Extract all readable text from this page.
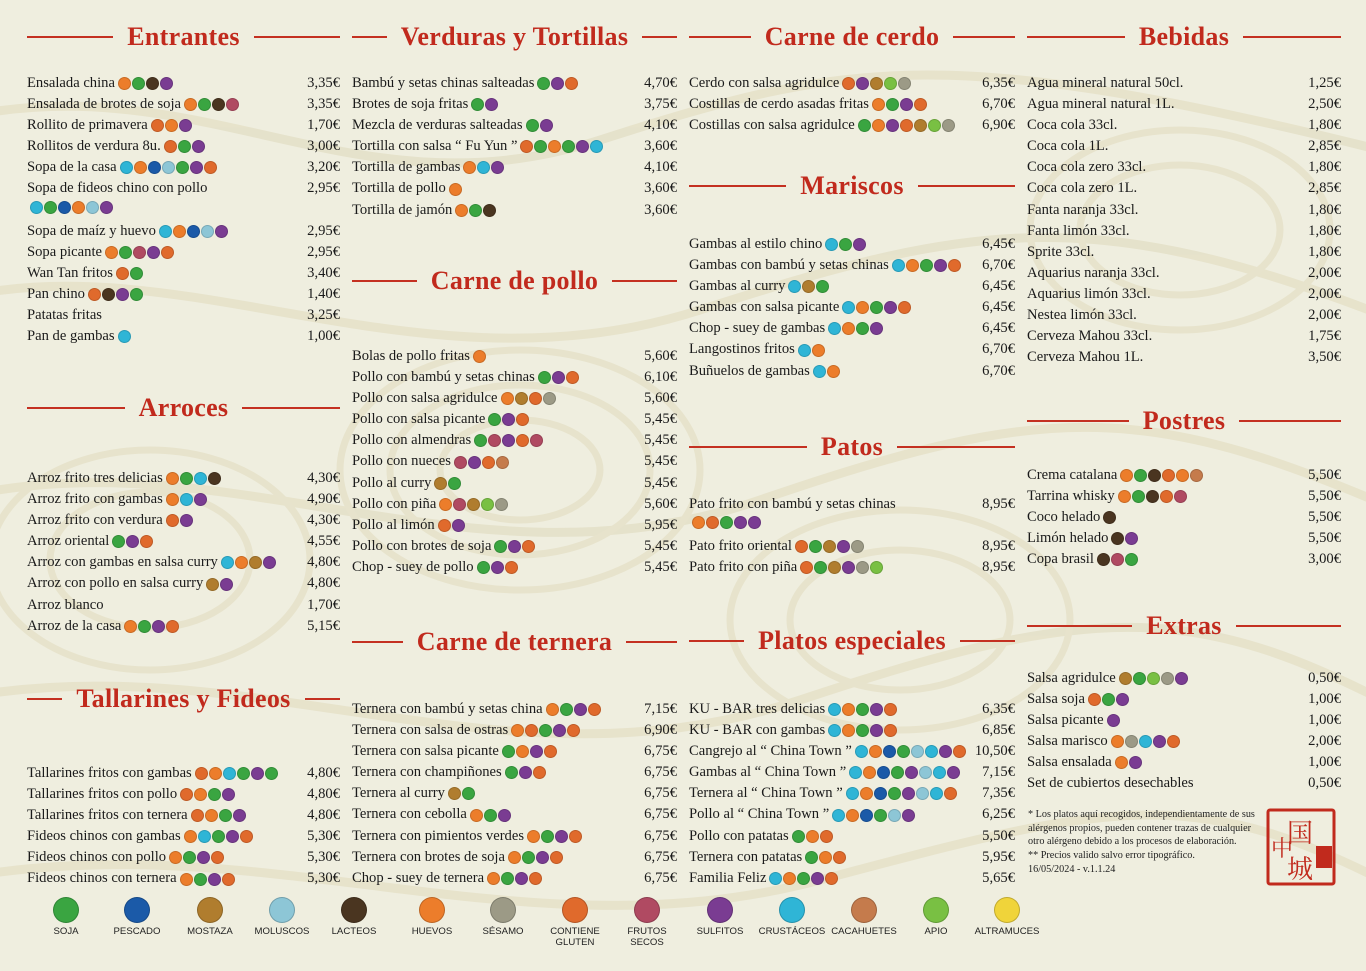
Entrantes
Ensalada china	3,35€
Ensalada de brotes de soja	3,35€
Rollito de primavera	1,70€
Rollitos de verdura 8u.	3,00€
Sopa de la casa	3,20€
Sopa de fideos chino con pollo	2,95€
Sopa de maíz y huevo	2,95€
Sopa picante	2,95€
Wan Tan fritos	3,40€
Pan chino	1,40€
Patatas fritas	3,25€
Pan de gambas	1,00€
Arroces
Arroz frito tres delicias	4,30€
Arroz frito con gambas	4,90€
Arroz frito con verdura	4,30€
Arroz oriental	4,55€
Arroz con gambas en salsa curry	4,80€
Arroz con pollo en salsa curry	4,80€
Arroz blanco	1,70€
Arroz de la casa	5,15€
Tallarines y Fideos
Tallarines fritos con gambas	4,80€
Tallarines fritos con pollo	4,80€
Tallarines fritos con ternera	4,80€
Fideos chinos con gambas	5,30€
Fideos chinos con pollo	5,30€
Fideos chinos con ternera	5,30€
Verduras y Tortillas
Bambú y setas chinas salteadas	4,70€
Brotes de soja fritas	3,75€
Mezcla de verduras salteadas	4,10€
Tortilla con salsa “ Fu Yun ”	3,60€
Tortilla de gambas	4,10€
Tortilla de pollo	3,60€
Tortilla de jamón	3,60€
Carne de pollo
Bolas de pollo fritas	5,60€
Pollo con bambú y setas chinas	6,10€
Pollo con salsa agridulce	5,60€
Pollo con salsa picante	5,45€
Pollo con almendras	5,45€
Pollo con nueces	5,45€
Pollo al curry	5,45€
Pollo con piña	5,60€
Pollo al limón	5,95€
Pollo con brotes de soja	5,45€
Chop - suey de pollo	5,45€
Carne de ternera
Ternera con bambú y setas china	7,15€
Ternera con salsa de ostras	6,90€
Ternera con salsa picante	6,75€
Ternera con champiñones	6,75€
Ternera al curry	6,75€
Ternera con cebolla	6,75€
Ternera con pimientos verdes	6,75€
Ternera con brotes de soja	6,75€
Chop - suey de ternera	6,75€
Carne de cerdo
Cerdo con salsa agridulce	6,35€
Costillas de cerdo asadas fritas	6,70€
Costillas con salsa agridulce	6,90€
Mariscos
Gambas al estilo chino	6,45€
Gambas con bambú y setas chinas	6,70€
Gambas al curry	6,45€
Gambas con salsa picante	6,45€
Chop - suey de gambas	6,45€
Langostinos fritos	6,70€
Buñuelos de gambas	6,70€
Patos
Pato frito con bambú y setas chinas	8,95€
Pato frito oriental	8,95€
Pato frito con piña	8,95€
Platos especiales
KU - BAR tres delicias	6,35€
KU - BAR con gambas	6,85€
Cangrejo al “ China Town ”	10,50€
Gambas al “ China Town ”	7,15€
Ternera al “ China Town ”	7,35€
Pollo al “ China Town ”	6,25€
Pollo con patatas	5,50€
Ternera con patatas	5,95€
Familia Feliz	5,65€
Bebidas
Agua mineral natural 50cl.	1,25€
Agua mineral natural 1L.	2,50€
Coca cola 33cl.	1,80€
Coca cola 1L.	2,85€
Coca cola zero 33cl.	1,80€
Coca cola zero 1L.	2,85€
Fanta naranja 33cl.	1,80€
Fanta limón 33cl.	1,80€
Sprite 33cl.	1,80€
Aquarius naranja 33cl.	2,00€
Aquarius limón 33cl.	2,00€
Nestea limón 33cl.	2,00€
Cerveza Mahou 33cl.	1,75€
Cerveza Mahou 1L.	3,50€
Postres
Crema catalana	5,50€
Tarrina whisky	5,50€
Coco helado	5,50€
Limón helado	5,50€
Copa brasil	3,00€
Extras
Salsa agridulce	0,50€
Salsa soja	1,00€
Salsa picante	1,00€
Salsa marisco	2,00€
Salsa ensalada	1,00€
Set de cubiertos desechables	0,50€
SOJA	PESCADO	MOSTAZA	MOLUSCOS	LACTEOS	HUEVOS	SÉSAMO	CONTIENE
GLUTEN
FRUTOS
SECOS
SULFITOS	CRUSTÁCEOS CACAHUETES	APIO	ALTRAMUCES
* Los platos aquí recogidos, independientamente de sus alérgenos propios, pueden contener trazas de cualquier otro alérgeno debido a los procesos de elaboración.
** Precios valido salvo error tipográfico.
16/05/2024 - v.1.1.24
国
中
城
